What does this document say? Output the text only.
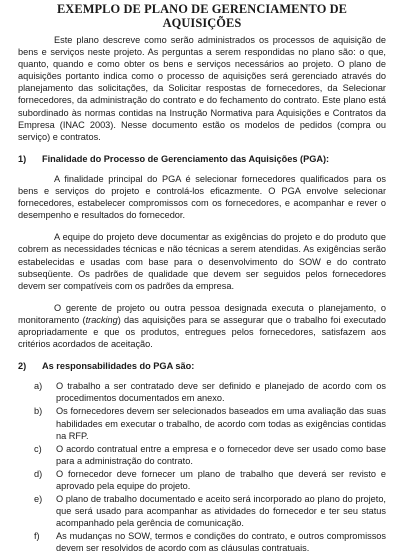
EXEMPLO DE PLANO DE GERENCIAMENTO DE AQUISIÇÕES

Este plano descreve como serão administrados os processos de aquisição de bens e serviços neste projeto. As perguntas a serem respondidas no plano são: o que, quanto, quando e como obter os bens e serviços necessários ao projeto. O plano de aquisições portanto indica como o processo de aquisições será gerenciado através do planejamento das solicitações, da Solicitar respostas de fornecedores, da Selecionar fornecedores, da administração do contrato e do fechamento do contrato. Este plano está subordinado às normas contidas na Instrução Normativa para Aquisições e Contratos da Empresa (INAC 2003). Nesse documento estão os modelos de pedidos (compra ou serviço) e contratos.

1)	Finalidade do Processo de Gerenciamento das Aquisições (PGA):

A finalidade principal do PGA é selecionar fornecedores qualificados para os bens e serviços do projeto e controlá-los eficazmente. O PGA envolve selecionar fornecedores, estabelecer compromissos com os fornecedores, e acompanhar e rever o desempenho e resultados do fornecedor.

A equipe do projeto deve documentar as exigências do projeto e do produto que cobrem as necessidades técnicas e não técnicas a serem atendidas. As exigências serão estabelecidas e usadas com base para o desenvolvimento do SOW e do contrato subseqüente. Os padrões de qualidade que devem ser seguidos pelos fornecedores devem ser compatíveis com os padrões da empresa.

O gerente de projeto ou outra pessoa designada executa o planejamento, o monitoramento (tracking) das aquisições para se assegurar que o trabalho foi executado apropriadamente e que os produtos, entregues pelos fornecedores, satisfazem aos critérios acordados de aceitação.

2)	As responsabilidades do PGA são:
a)	O trabalho a ser contratado deve ser definido e planejado de acordo com os procedimentos documentados em anexo.
b)	Os fornecedores devem ser selecionados baseados em uma avaliação das suas habilidades em executar o trabalho, de acordo com todas as exigências contidas na RFP.
c)	O acordo contratual entre a empresa e o fornecedor deve ser usado como base para a administração do contrato.
d)	O fornecedor deve fornecer um plano de trabalho que deverá ser revisto e aprovado pela equipe do projeto.
e)	O plano de trabalho documentado e aceito será incorporado ao plano do projeto, que será usado para acompanhar as atividades do fornecedor e ter seu status acompanhado pela gerência de comunicação.
f)	As mudanças no SOW, termos e condições do contrato, e outros compromissos devem ser resolvidos de acordo com as cláusulas contratuais.
